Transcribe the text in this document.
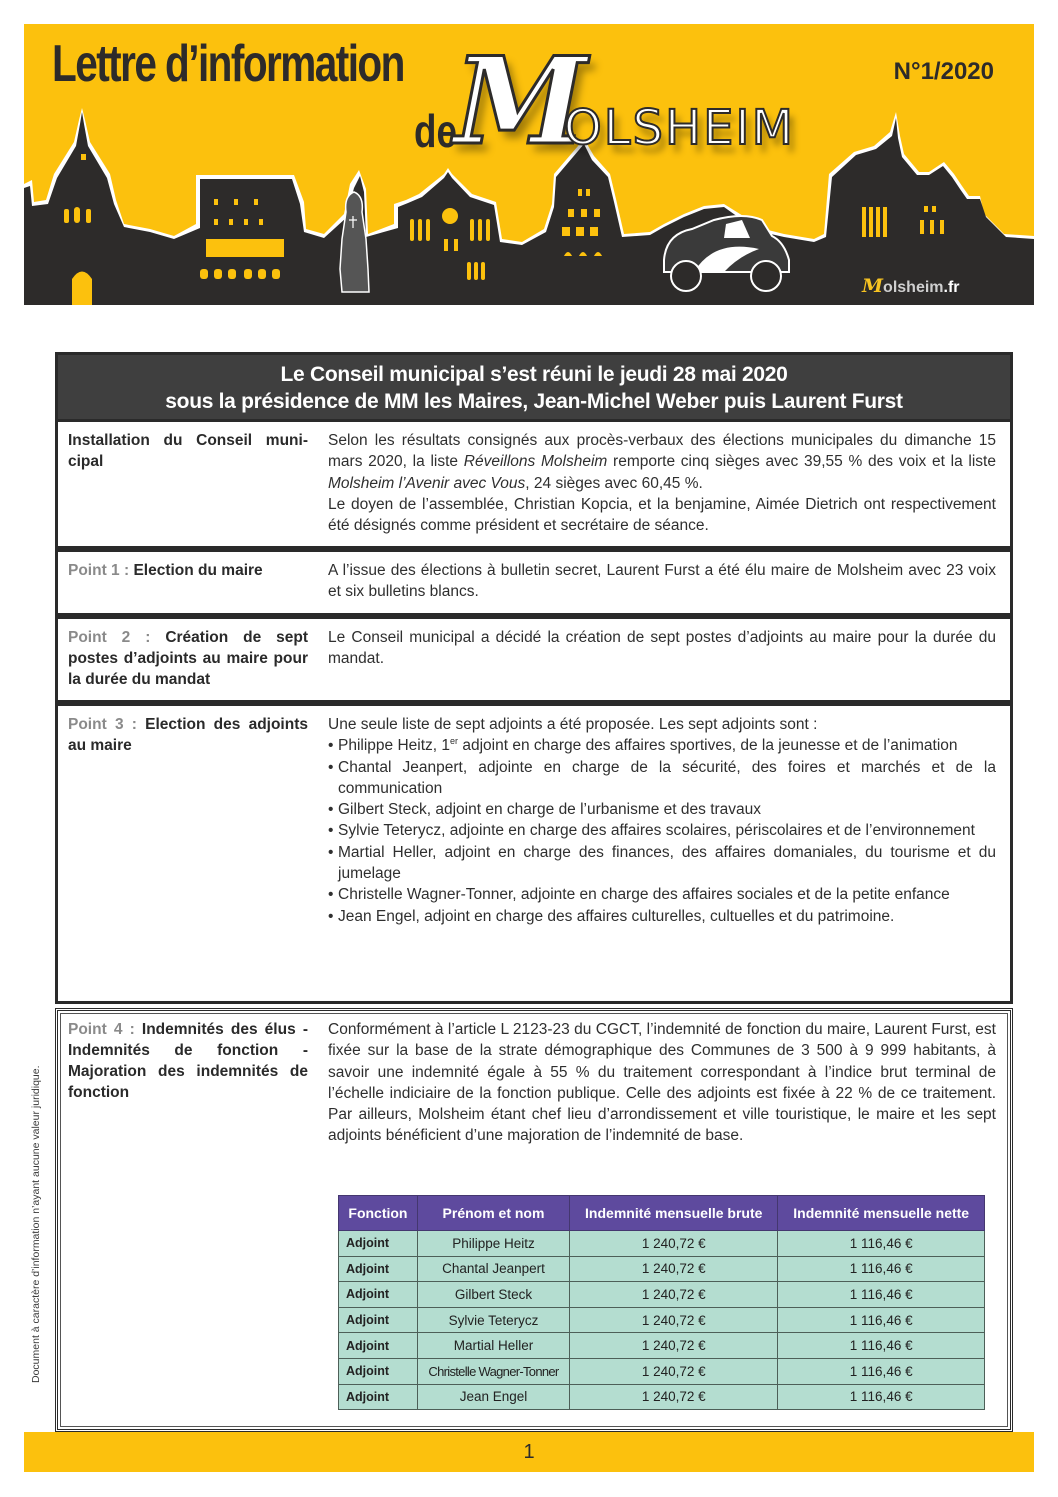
Lettre d’information
de
M
OLSHEIM
N°1/2020
Molsheim.fr
Le Conseil municipal s’est réuni le jeudi 28 mai 2020
sous la présidence de MM les Maires, Jean-Michel Weber puis Laurent Furst
Installation du Conseil muni-cipal

Selon les résultats consignés aux procès-verbaux des élections municipales du dimanche 15 mars 2020, la liste Réveillons Molsheim remporte cinq sièges avec 39,55 % des voix et la liste Molsheim l’Avenir avec Vous, 24 sièges avec 60,45 %.

Le doyen de l’assemblée, Christian Kopcia, et la benjamine, Aimée Dietrich ont respectivement été désignés comme président et secrétaire de séance.

Point 1 : Election du maire	A l’issue des élections à bulletin secret, Laurent Furst a été élu maire de Molsheim avec 23 voix et six bulletins blancs.
Point 2 : Création de sept postes d’adjoints au maire pour la durée du mandat
Le Conseil municipal a décidé la création de sept postes d’adjoints au maire pour la durée du mandat.
Point 3 : Election des adjoints au maire

Une seule liste de sept adjoints a été proposée. Les sept adjoints sont :

• Philippe Heitz, 1er adjoint en charge des affaires sportives, de la jeunesse et de l’animation
• Chantal Jeanpert, adjointe en charge de la sécurité, des foires et marchés et de la communication
• Gilbert Steck, adjoint en charge de l’urbanisme et des travaux
• Sylvie Teterycz, adjointe en charge des affaires scolaires, périscolaires et de l’environnement
• Martial Heller, adjoint en charge des finances, des affaires domaniales, du tourisme et du jumelage
• Christelle Wagner-Tonner, adjointe en charge des affaires sociales et de la petite enfance
• Jean Engel, adjoint en charge des affaires culturelles, cultuelles et du patrimoine.
Point 4 : Indemnités des élus - Indemnités de fonction - Majoration des indemnités de fonction
Conformément à l’article L 2123-23 du CGCT, l’indemnité de fonction du maire, Laurent Furst, est fixée sur la base de la strate démographique des Communes de 3 500 à 9 999 habitants, à savoir une indemnité égale à 55 % du traitement correspondant à l’indice brut terminal de l’échelle indiciaire de la fonction publique. Celle des adjoints est fixée à 22 % de ce traitement. Par ailleurs, Molsheim étant chef lieu d’arrondissement et ville touristique, le maire et les sept adjoints bénéficient d’une majoration de l’indemnité de base.
Fonction	Prénom et nom	Indemnité mensuelle brute	Indemnité mensuelle nette
Adjoint	Philippe Heitz	1 240,72 €	1 116,46 €
Adjoint	Chantal Jeanpert	1 240,72 €	1 116,46 €
Adjoint	Gilbert Steck	1 240,72 €	1 116,46 €
Adjoint	Sylvie Teterycz	1 240,72 €	1 116,46 €
Adjoint	Martial Heller	1 240,72 €	1 116,46 €
Adjoint	Christelle Wagner-Tonner	1 240,72 €	1 116,46 €
Adjoint	Jean Engel	1 240,72 €	1 116,46 €
Document à caractère d’information n’ayant aucune valeur juridique.
1
